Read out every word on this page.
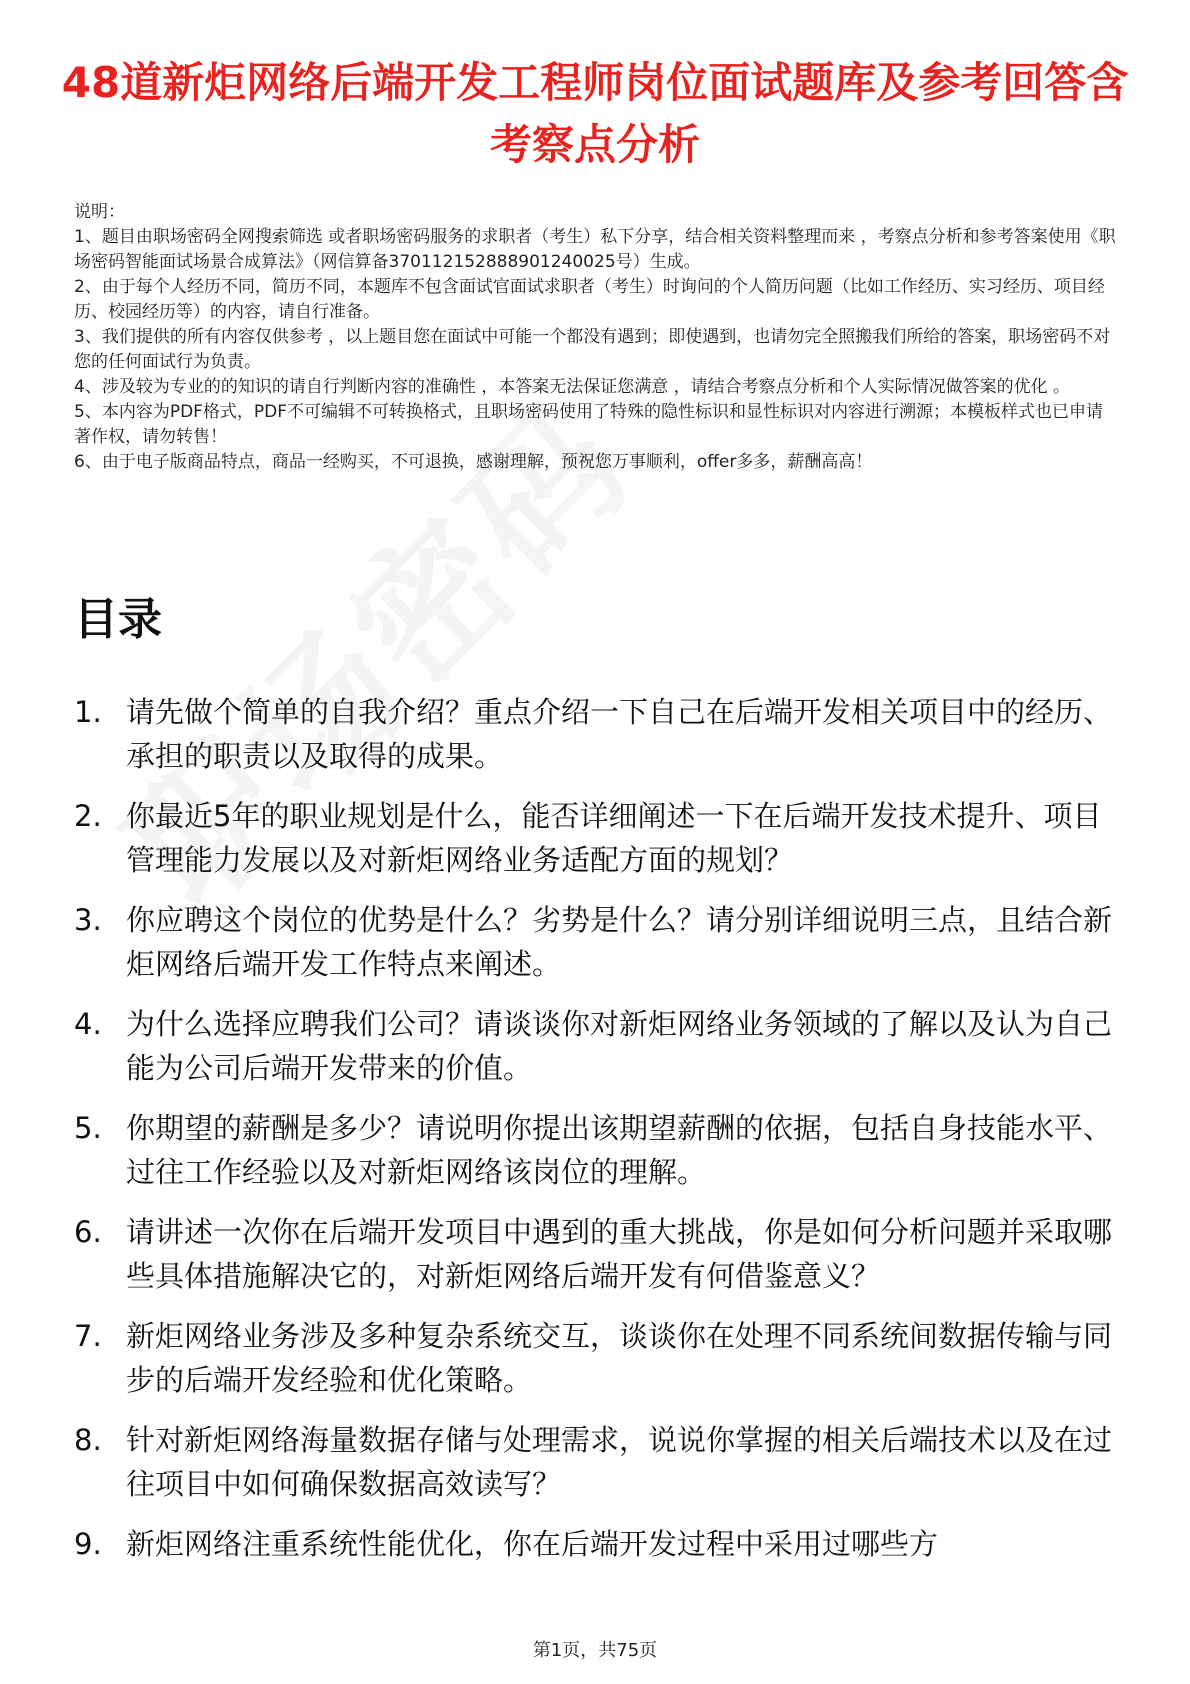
48道新炬网络后端开发工程师岗位面试题库及参考回答含考察点分析
说明：
1、题目由职场密码全网搜索筛选 或者职场密码服务的求职者（考生）私下分享，结合相关资料整理而来 ，考察点分析和参考答案使用《职场密码智能面试场景合成算法》（网信算备370112152888901240025号）生成。
2、由于每个人经历不同，简历不同，本题库不包含面试官面试求职者（考生）时询问的个人简历问题（比如工作经历、实习经历、项目经历、校园经历等）的内容，请自行准备。
3、我们提供的所有内容仅供参考 ，以上题目您在面试中可能一个都没有遇到；即使遇到，也请勿完全照搬我们所给的答案，职场密码不对您的任何面试行为负责。
4、涉及较为专业的的知识的请自行判断内容的准确性 ，本答案无法保证您满意 ，请结合考察点分析和个人实际情况做答案的优化 。
5、本内容为PDF格式，PDF不可编辑不可转换格式，且职场密码使用了特殊的隐性标识和显性标识对内容进行溯源；本模板样式也已申请著作权，请勿转售！
6、由于电子版商品特点，商品一经购买，不可退换，感谢理解，预祝您万事顺利，offer多多，薪酬高高！
目录
1. 请先做个简单的自我介绍？重点介绍一下自己在后端开发相关项目中的经历、承担的职责以及取得的成果。
2. 你最近5年的职业规划是什么，能否详细阐述一下在后端开发技术提升、项目管理能力发展以及对新炬网络业务适配方面的规划？
3. 你应聘这个岗位的优势是什么？劣势是什么？请分别详细说明三点，且结合新炬网络后端开发工作特点来阐述。
4. 为什么选择应聘我们公司？请谈谈你对新炬网络业务领域的了解以及认为自己能为公司后端开发带来的价值。
5. 你期望的薪酬是多少？请说明你提出该期望薪酬的依据，包括自身技能水平、过往工作经验以及对新炬网络该岗位的理解。
6. 请讲述一次你在后端开发项目中遇到的重大挑战，你是如何分析问题并采取哪些具体措施解决它的，对新炬网络后端开发有何借鉴意义？
7. 新炬网络业务涉及多种复杂系统交互，谈谈你在处理不同系统间数据传输与同步的后端开发经验和优化策略。
8. 针对新炬网络海量数据存储与处理需求，说说你掌握的相关后端技术以及在过往项目中如何确保数据高效读写？
9. 新炬网络注重系统性能优化，你在后端开发过程中采用过哪些方
第1页，共75页
